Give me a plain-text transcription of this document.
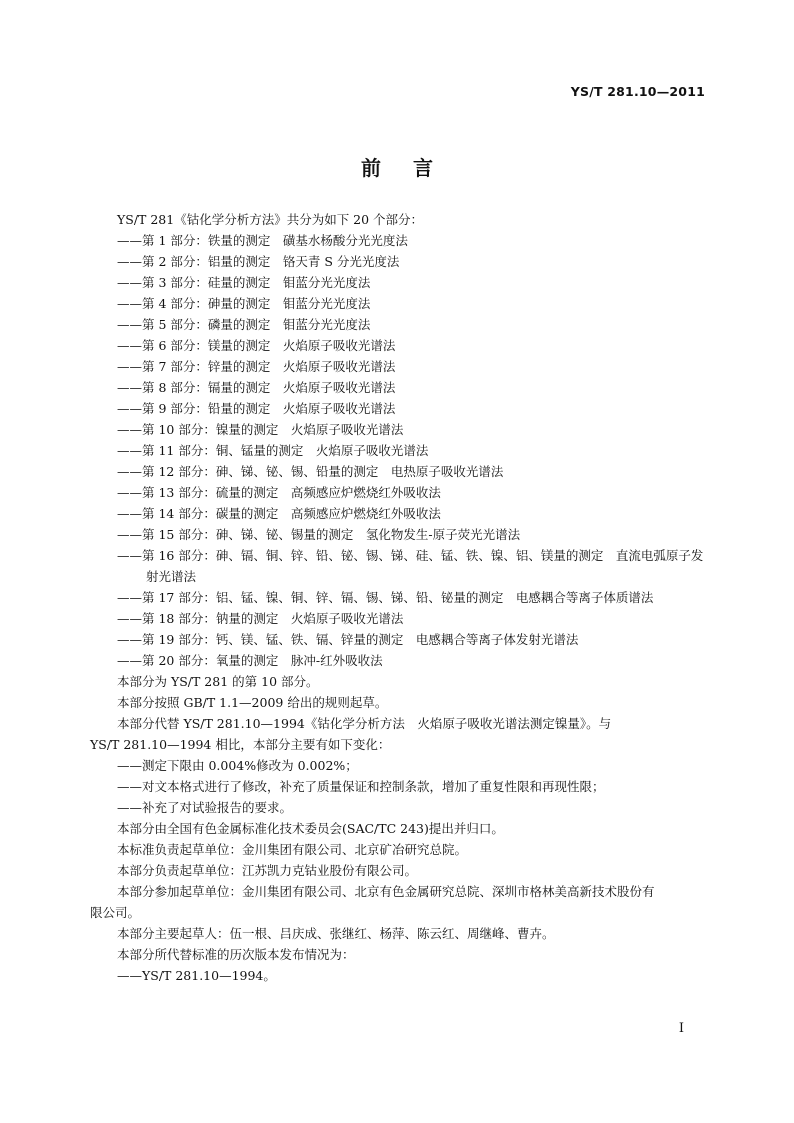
YS/T 281.10—2011
前言
YS/T 281《钴化学分析方法》共分为如下 20 个部分：
——第 1 部分：铁量的测定　磺基水杨酸分光光度法
——第 2 部分：铝量的测定　铬天青 S 分光光度法
——第 3 部分：硅量的测定　钼蓝分光光度法
——第 4 部分：砷量的测定　钼蓝分光光度法
——第 5 部分：磷量的测定　钼蓝分光光度法
——第 6 部分：镁量的测定　火焰原子吸收光谱法
——第 7 部分：锌量的测定　火焰原子吸收光谱法
——第 8 部分：镉量的测定　火焰原子吸收光谱法
——第 9 部分：铅量的测定　火焰原子吸收光谱法
——第 10 部分：镍量的测定　火焰原子吸收光谱法
——第 11 部分：铜、锰量的测定　火焰原子吸收光谱法
——第 12 部分：砷、锑、铋、锡、铅量的测定　电热原子吸收光谱法
——第 13 部分：硫量的测定　高频感应炉燃烧红外吸收法
——第 14 部分：碳量的测定　高频感应炉燃烧红外吸收法
——第 15 部分：砷、锑、铋、锡量的测定　氢化物发生-原子荧光光谱法
——第 16 部分：砷、镉、铜、锌、铅、铋、锡、锑、硅、锰、铁、镍、铝、镁量的测定　直流电弧原子发射光谱法
——第 17 部分：铝、锰、镍、铜、锌、镉、锡、锑、铅、铋量的测定　电感耦合等离子体质谱法
——第 18 部分：钠量的测定　火焰原子吸收光谱法
——第 19 部分：钙、镁、锰、铁、镉、锌量的测定　电感耦合等离子体发射光谱法
——第 20 部分：氧量的测定　脉冲-红外吸收法
本部分为 YS/T 281 的第 10 部分。
本部分按照 GB/T 1.1—2009 给出的规则起草。
本部分代替 YS/T 281.10—1994《钴化学分析方法　火焰原子吸收光谱法测定镍量》。与
YS/T 281.10—1994 相比，本部分主要有如下变化：
——测定下限由 0.004%修改为 0.002%；
——对文本格式进行了修改，补充了质量保证和控制条款，增加了重复性限和再现性限；
——补充了对试验报告的要求。
本部分由全国有色金属标准化技术委员会(SAC/TC 243)提出并归口。
本标准负责起草单位：金川集团有限公司、北京矿冶研究总院。
本部分负责起草单位：江苏凯力克钴业股份有限公司。
本部分参加起草单位：金川集团有限公司、北京有色金属研究总院、深圳市格林美高新技术股份有
限公司。
本部分主要起草人：伍一根、吕庆成、张继红、杨萍、陈云红、周继峰、曹卉。
本部分所代替标准的历次版本发布情况为：
——YS/T 281.10—1994。
I
